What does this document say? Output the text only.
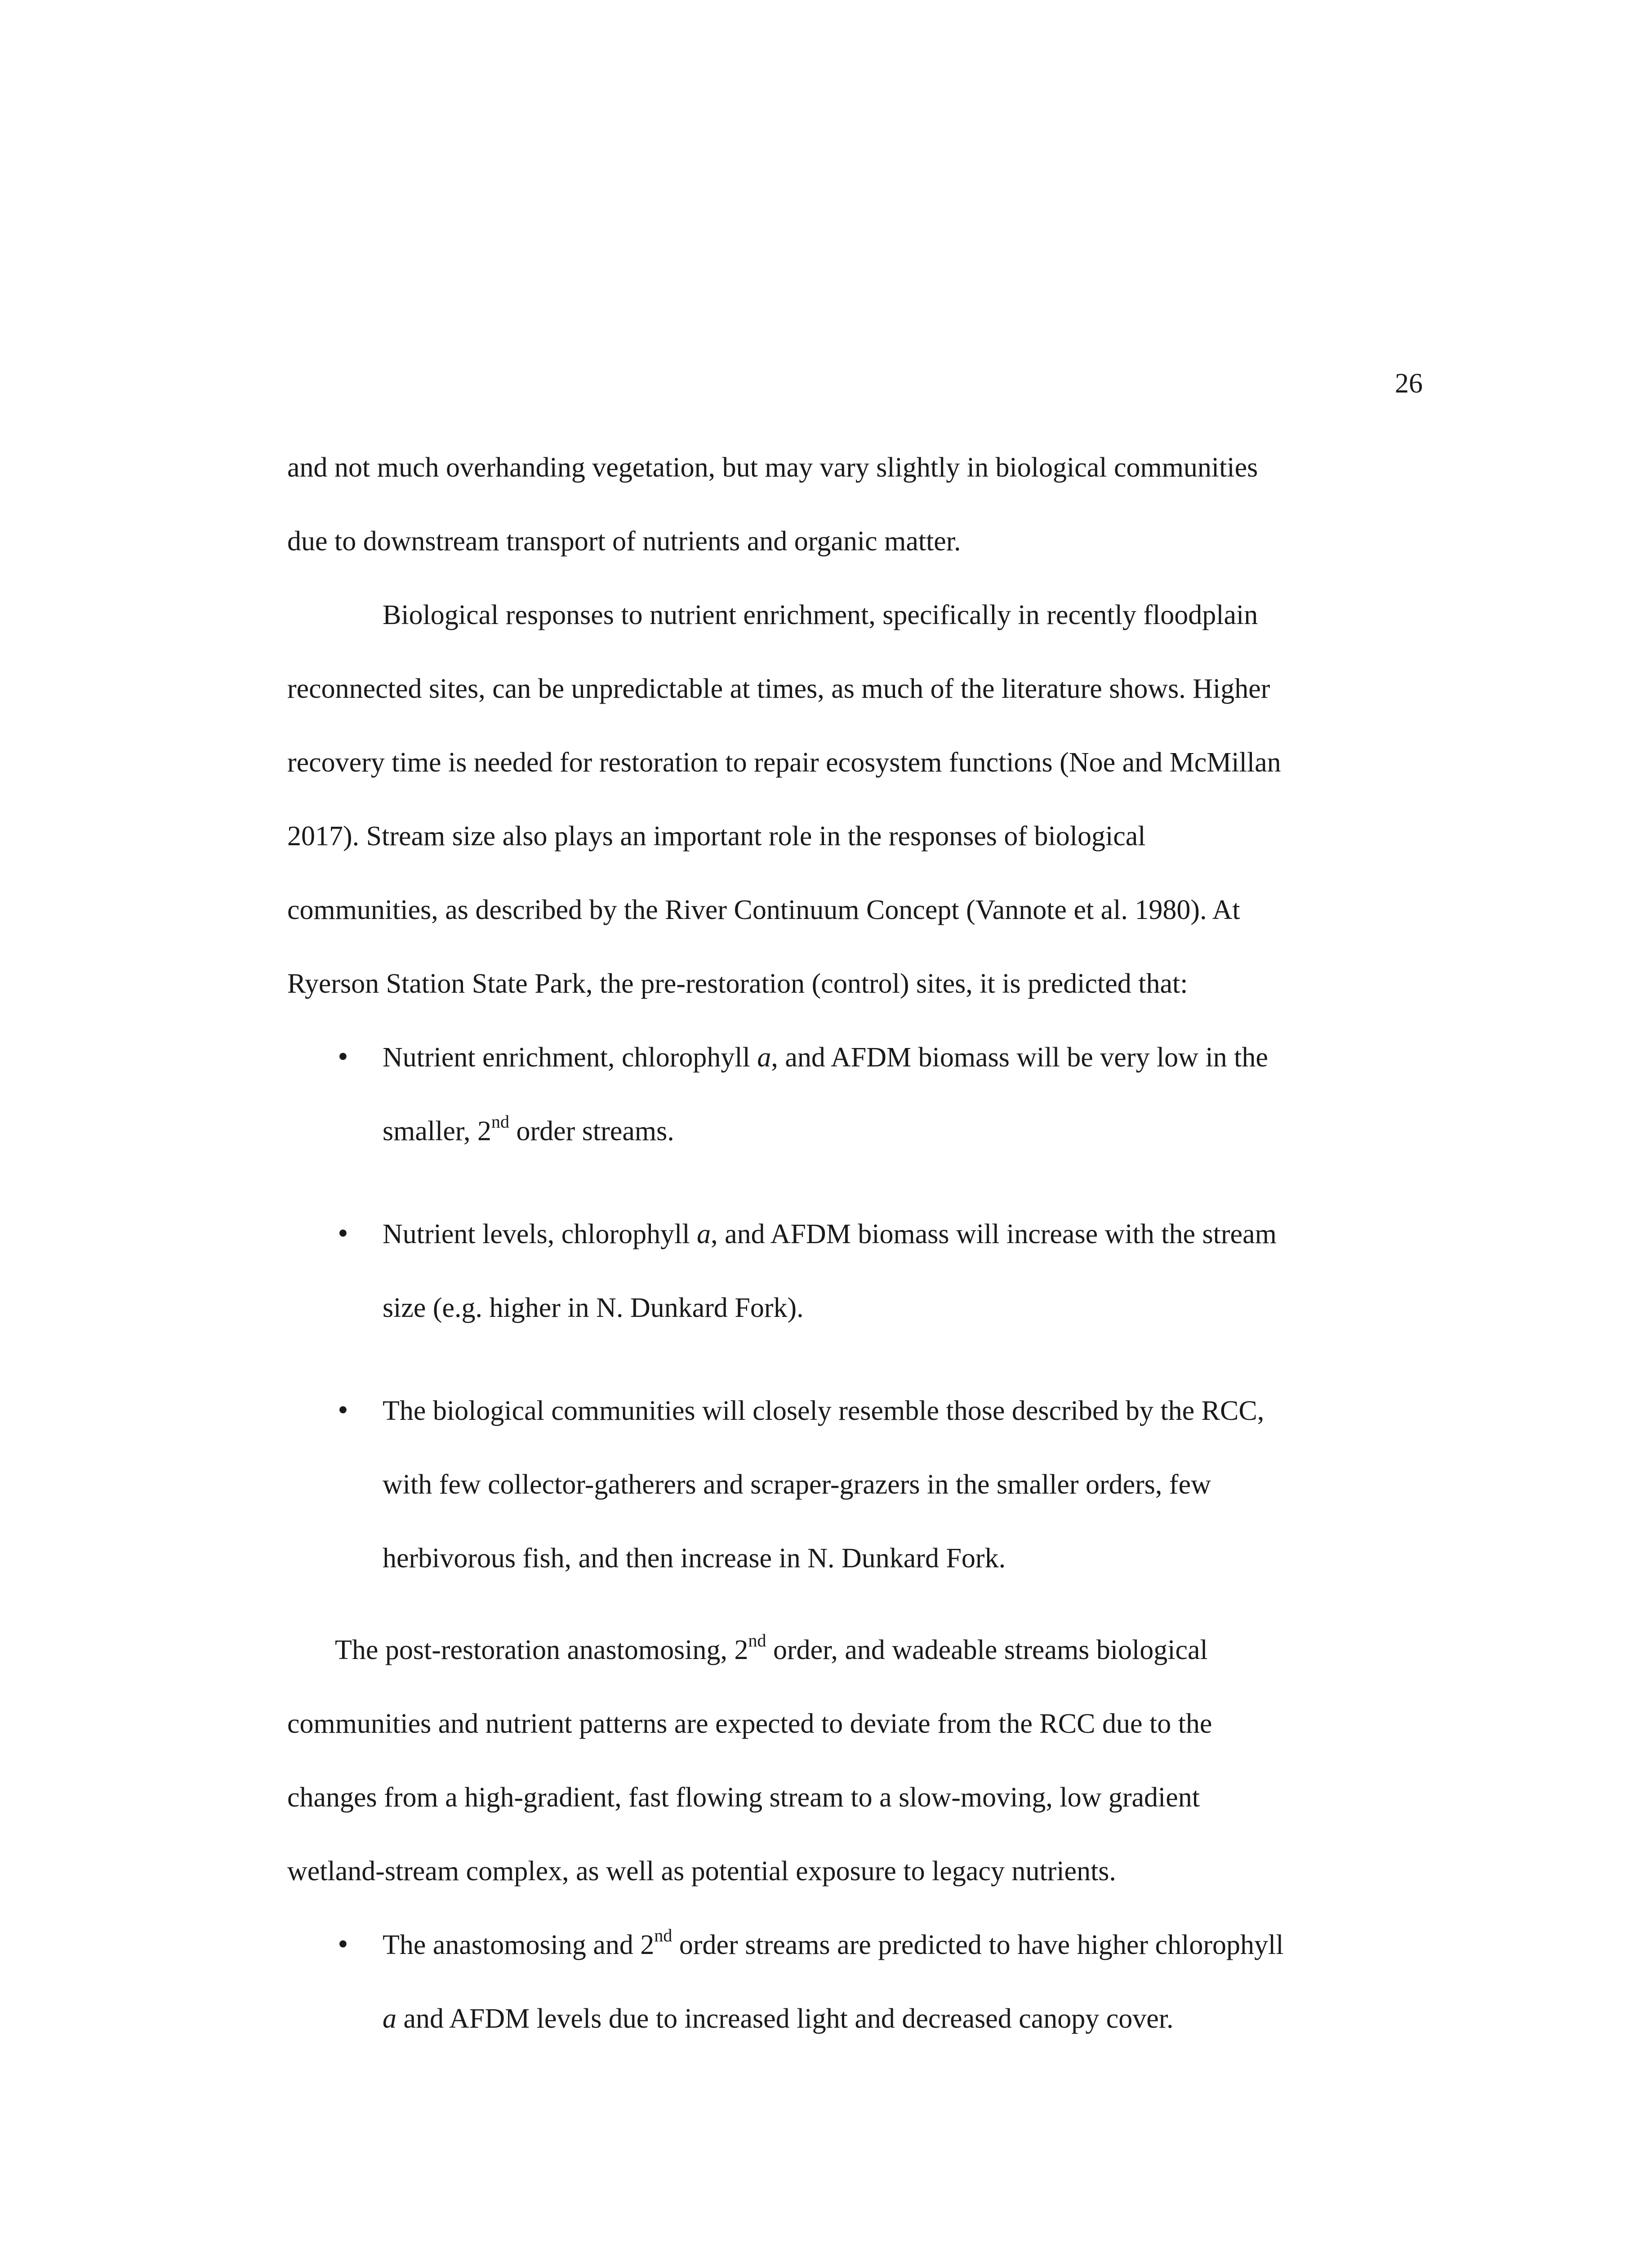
26

and not much overhanding vegetation, but may vary slightly in biological communities
due to downstream transport of nutrients and organic matter.

Biological responses to nutrient enrichment, specifically in recently floodplain
reconnected sites, can be unpredictable at times, as much of the literature shows. Higher
recovery time is needed for restoration to repair ecosystem functions (Noe and McMillan
2017). Stream size also plays an important role in the responses of biological
communities, as described by the River Continuum Concept (Vannote et al. 1980). At
Ryerson Station State Park, the pre-restoration (control) sites, it is predicted that:

• Nutrient enrichment, chlorophyll a, and AFDM biomass will be very low in the
smaller, 2nd order streams.
• Nutrient levels, chlorophyll a, and AFDM biomass will increase with the stream
size (e.g. higher in N. Dunkard Fork).
• The biological communities will closely resemble those described by the RCC,
with few collector-gatherers and scraper-grazers in the smaller orders, few
herbivorous fish, and then increase in N. Dunkard Fork.

The post-restoration anastomosing, 2nd order, and wadeable streams biological
communities and nutrient patterns are expected to deviate from the RCC due to the
changes from a high-gradient, fast flowing stream to a slow-moving, low gradient
wetland-stream complex, as well as potential exposure to legacy nutrients.

• The anastomosing and 2nd order streams are predicted to have higher chlorophyll
a and AFDM levels due to increased light and decreased canopy cover.
